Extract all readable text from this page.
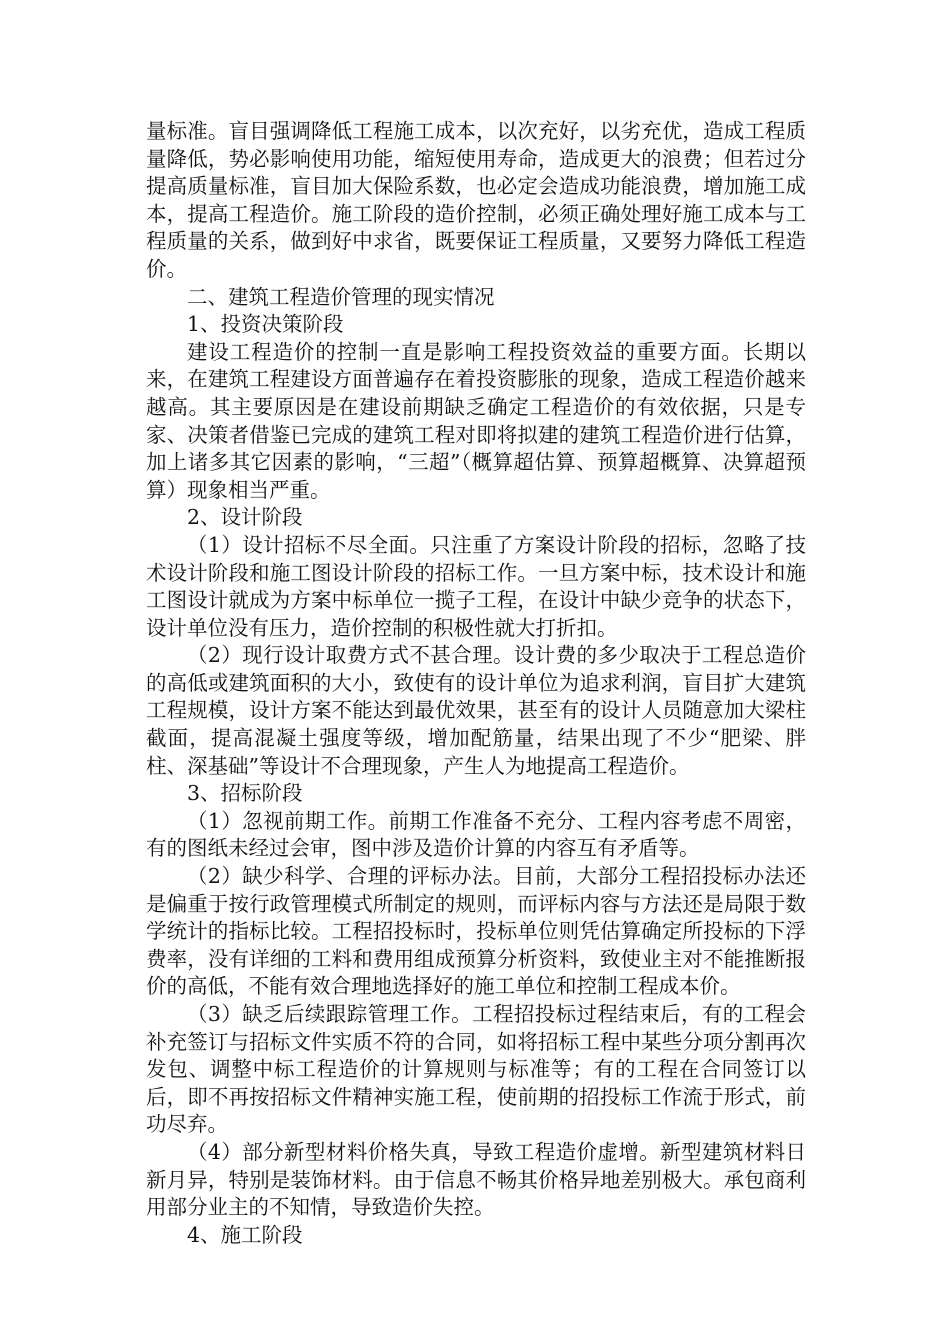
量标准。盲目强调降低工程施工成本，以次充好，以劣充优，造成工程质量降低，势必影响使用功能，缩短使用寿命，造成更大的浪费；但若过分提高质量标准，盲目加大保险系数，也必定会造成功能浪费，增加施工成本，提高工程造价。施工阶段的造价控制，必须正确处理好施工成本与工程质量的关系，做到好中求省，既要保证工程质量，又要努力降低工程造价。

二、建筑工程造价管理的现实情况

1、投资决策阶段

建设工程造价的控制一直是影响工程投资效益的重要方面。长期以来，在建筑工程建设方面普遍存在着投资膨胀的现象，造成工程造价越来越高。其主要原因是在建设前期缺乏确定工程造价的有效依据，只是专家、决策者借鉴已完成的建筑工程对即将拟建的建筑工程造价进行估算，加上诸多其它因素的影响，“三超”（概算超估算、预算超概算、决算超预算）现象相当严重。

2、设计阶段

（1）设计招标不尽全面。只注重了方案设计阶段的招标，忽略了技术设计阶段和施工图设计阶段的招标工作。一旦方案中标，技术设计和施工图设计就成为方案中标单位一揽子工程，在设计中缺少竞争的状态下，设计单位没有压力，造价控制的积极性就大打折扣。

（2）现行设计取费方式不甚合理。设计费的多少取决于工程总造价的高低或建筑面积的大小，致使有的设计单位为追求利润，盲目扩大建筑工程规模，设计方案不能达到最优效果，甚至有的设计人员随意加大梁柱截面，提高混凝土强度等级，增加配筋量，结果出现了不少“肥梁、胖柱、深基础”等设计不合理现象，产生人为地提高工程造价。

3、招标阶段

（1）忽视前期工作。前期工作准备不充分、工程内容考虑不周密，有的图纸未经过会审，图中涉及造价计算的内容互有矛盾等。

（2）缺少科学、合理的评标办法。目前，大部分工程招投标办法还是偏重于按行政管理模式所制定的规则，而评标内容与方法还是局限于数学统计的指标比较。工程招投标时，投标单位则凭估算确定所投标的下浮费率，没有详细的工料和费用组成预算分析资料，致使业主对不能推断报价的高低，不能有效合理地选择好的施工单位和控制工程成本价。

（3）缺乏后续跟踪管理工作。工程招投标过程结束后，有的工程会补充签订与招标文件实质不符的合同，如将招标工程中某些分项分割再次发包、调整中标工程造价的计算规则与标准等；有的工程在合同签订以后，即不再按招标文件精神实施工程，使前期的招投标工作流于形式，前功尽弃。

（4）部分新型材料价格失真，导致工程造价虚增。新型建筑材料日新月异，特别是装饰材料。由于信息不畅其价格异地差别极大。承包商利用部分业主的不知情，导致造价失控。

4、施工阶段
